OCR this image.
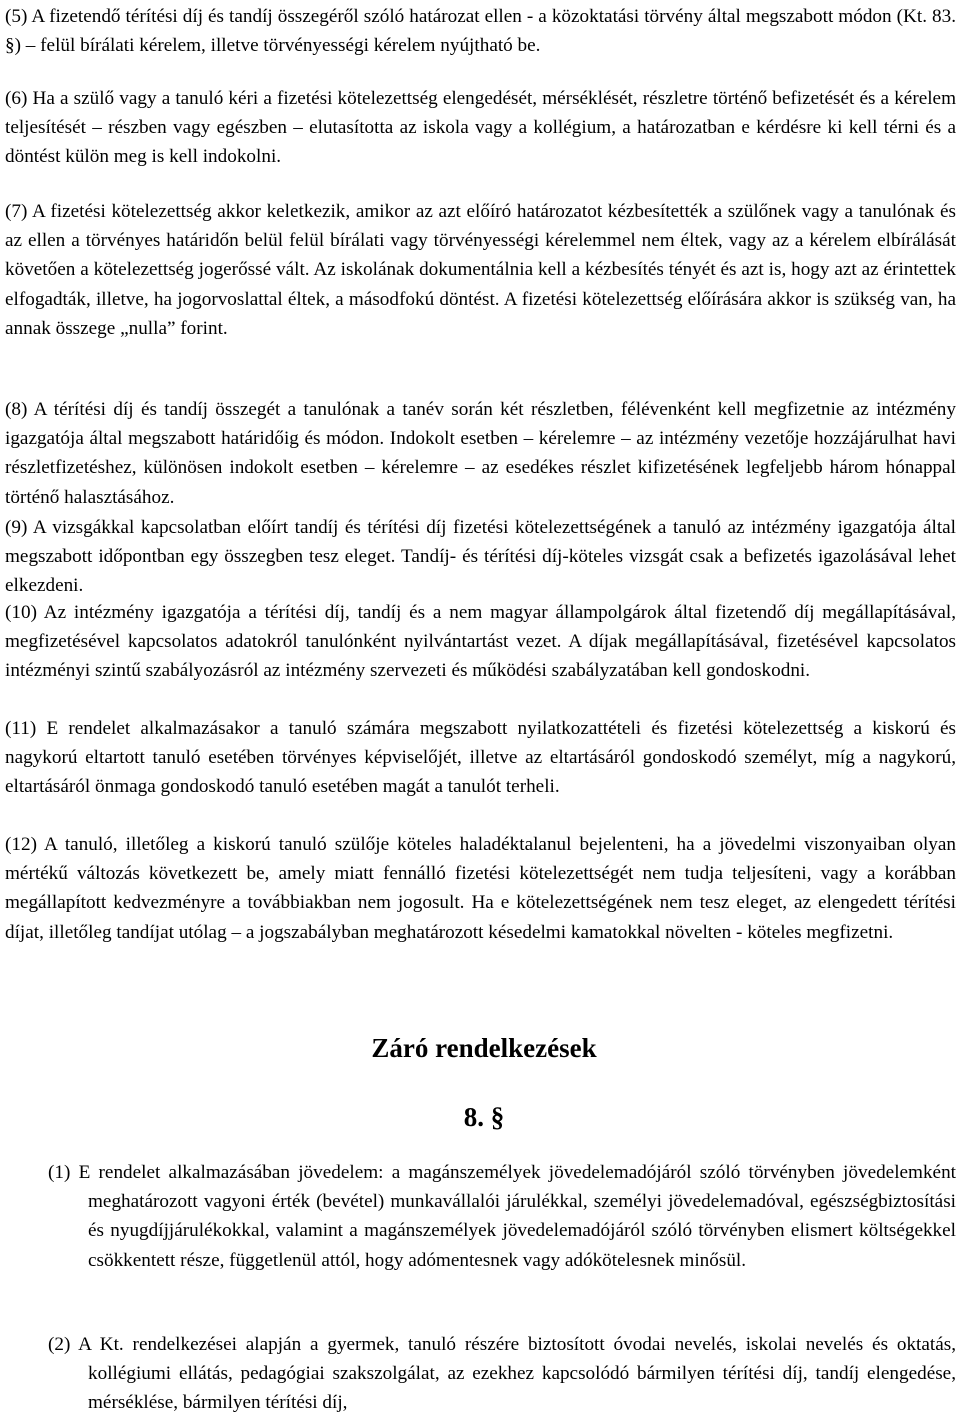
(5) A fizetendő térítési díj és tandíj összegéről szóló határozat ellen - a közoktatási törvény által megszabott módon (Kt. 83. §) – felül bírálati kérelem, illetve törvényességi kérelem nyújtható be.

(6) Ha a szülő vagy a tanuló kéri a fizetési kötelezettség elengedését, mérséklését, részletre történő befizetését és a kérelem teljesítését – részben vagy egészben – elutasította az iskola vagy a kollégium, a határozatban e kérdésre ki kell térni és a döntést külön meg is kell indokolni.

(7) A fizetési kötelezettség akkor keletkezik, amikor az azt előíró határozatot kézbesítették a szülőnek vagy a tanulónak és az ellen a törvényes határidőn belül felül bírálati vagy törvényességi kérelemmel nem éltek, vagy az a kérelem elbírálását követően a kötelezettség jogerőssé vált. Az iskolának dokumentálnia kell a kézbesítés tényét és azt is, hogy azt az érintettek elfogadták, illetve, ha jogorvoslattal éltek, a másodfokú döntést. A fizetési kötelezettség előírására akkor is szükség van, ha annak összege „nulla” forint.

(8) A térítési díj és tandíj összegét a tanulónak a tanév során két részletben, félévenként kell megfizetnie az intézmény igazgatója által megszabott határidőig és módon. Indokolt esetben – kérelemre – az intézmény vezetője hozzájárulhat havi részletfizetéshez, különösen indokolt esetben – kérelemre – az esedékes részlet kifizetésének legfeljebb három hónappal történő halasztásához.

(9) A vizsgákkal kapcsolatban előírt tandíj és térítési díj fizetési kötelezettségének a tanuló az intézmény igazgatója által megszabott időpontban egy összegben tesz eleget. Tandíj- és térítési díj-köteles vizsgát csak a befizetés igazolásával lehet elkezdeni.

(10) Az intézmény igazgatója a térítési díj, tandíj és a nem magyar állampolgárok által fizetendő díj megállapításával, megfizetésével kapcsolatos adatokról tanulónként nyilvántartást vezet. A díjak megállapításával, fizetésével kapcsolatos intézményi szintű szabályozásról az intézmény szervezeti és működési szabályzatában kell gondoskodni.

(11) E rendelet alkalmazásakor a tanuló számára megszabott nyilatkozattételi és fizetési kötelezettség a kiskorú és nagykorú eltartott tanuló esetében törvényes képviselőjét, illetve az eltartásáról gondoskodó személyt, míg a nagykorú, eltartásáról önmaga gondoskodó tanuló esetében magát a tanulót terheli.

(12) A tanuló, illetőleg a kiskorú tanuló szülője köteles haladéktalanul bejelenteni, ha a jövedelmi viszonyaiban olyan mértékű változás következett be, amely miatt fennálló fizetési kötelezettségét nem tudja teljesíteni, vagy a korábban megállapított kedvezményre a továbbiakban nem jogosult. Ha e kötelezettségének nem tesz eleget, az elengedett térítési díjat, illetőleg tandíjat utólag – a jogszabályban meghatározott késedelmi kamatokkal növelten - köteles megfizetni.

Záró rendelkezések
8. §

(1) E rendelet alkalmazásában jövedelem: a magánszemélyek jövedelemadójáról szóló törvényben jövedelemként meghatározott vagyoni érték (bevétel) munkavállalói járulékkal, személyi jövedelemadóval, egészségbiztosítási és nyugdíjjárulékokkal, valamint a magánszemélyek jövedelemadójáról szóló törvényben elismert költségekkel csökkentett része, függetlenül attól, hogy adómentesnek vagy adókötelesnek minősül.

(2) A Kt. rendelkezései alapján a gyermek, tanuló részére biztosított óvodai nevelés, iskolai nevelés és oktatás, kollégiumi ellátás, pedagógiai szakszolgálat, az ezekhez kapcsolódó bármilyen térítési díj, tandíj elengedése, mérséklése, bármilyen térítési díj,
